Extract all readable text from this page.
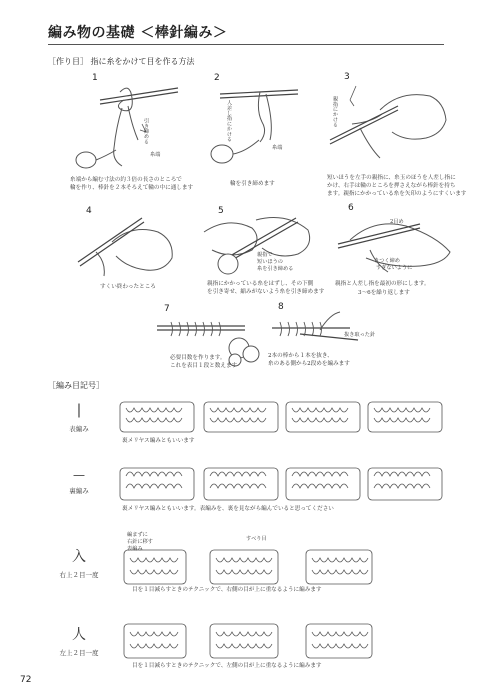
編み物の基礎 ＜棒針編み＞
［作り目］ 指に糸をかけて目を作る方法
1
引き締める
糸端
糸端から編む寸法の約３倍の長さのところで
輪を作り、棒針を２本そろえて輪の中に通します
2
人差し指にかける
糸端
輪を引き締めます
3
親指にかける
短いほうを左手の親指に、糸玉のほうを人差し指に
かけ、右手は輪のところを押さえながら棒針を持ち
ます。親指にかかっている糸を矢印のようにすくいます
4
すくい終わったところ
5
親指で
短いほうの
糸を引き締める
親指にかかっている糸をはずし、その下側
を引き寄せ、縮みがないよう糸を引き締めます
6
2目め
きつく締め
すぎないように
親指と人差し指を最初の形にします。
3〜6を繰り返します
7
必要目数を作ります。
これを表目１段と数えます
8
抜き取った針
2本の棒から１本を抜き、
糸のある側から2段めを編みます
［編み目記号］
|
表編み
裏メリヤス編みともいいます
—
裏編み
裏メリヤス編みともいいます。表編みを、裏を見ながら編んでいると思ってください
入
右上２目一度
編まずに
右針に移す
表編み
すべり目
目を１目減らすときのテクニックで、右側の目が上に重なるように編みます
人
左上２目一度
目を１目減らすときのテクニックで、左側の目が上に重なるように編みます
72
